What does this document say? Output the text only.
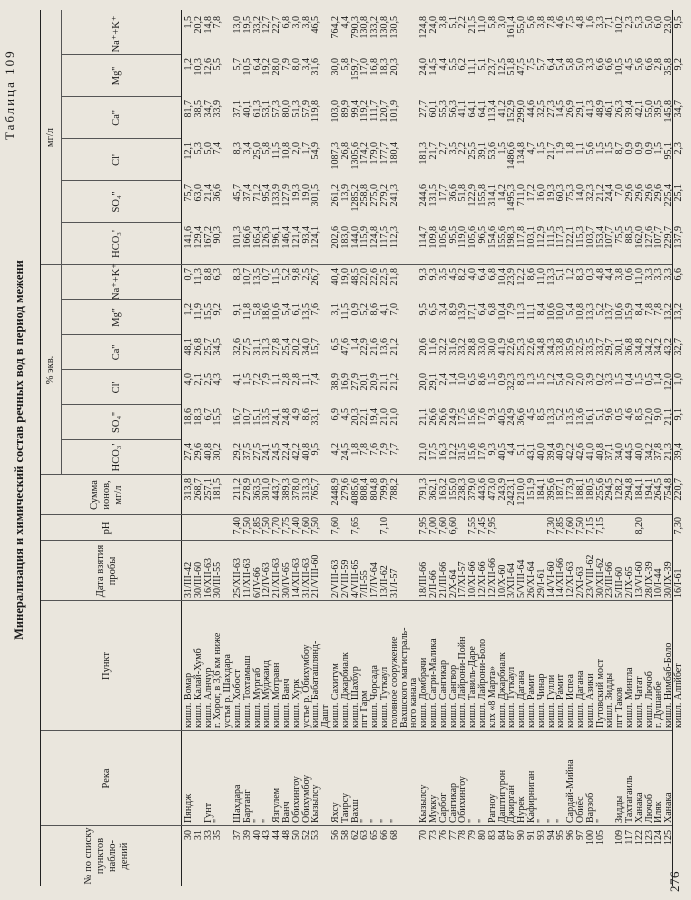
276
Таблица 109
Минерализация и химический состав речных вод в период межени
№ по списку пунктов наблю- дений
Река
Пункт
Дата взятия пробы
pH
Сумма ионов, мг/л
% экв.
мг/л
HCO₃'
SO₄''
Cl'
Ca''
Mg''
Na⁺+K⁺
HCO₃'
SO₄''
Cl'
Ca''
Mg''
Na⁺+K⁺
30
Пяндж
кишл. Вомар
31/III-42
313,8
27,4
18,6
4,0
48,1
1,2
0,7
141,6
75,7
12,1
81,7
1,2
1,5
31
кишл. Калай-Хумб
30/III-60
268,7
29,6
18,3
2,1
26,8
11,9
11,3
129,4
63,0
5,3
38,5
10,3
20,2
33
Гунт
кишл. Алнчур
16/XII-63
257,1
40,8
6,7
2,5
25,7
15,5
8,8
167,2
21,4
5,0
34,7
12,6
14,8
35
"
г. Хорог, в 3,6 км ниже
30/III-55
181,5
30,2
15,5
4,3
34,5
9,2
6,3
90,3
36,6
7,4
33,9
5,5
7,8
устья р. Шахдара
37
Шахдара
кишл. Хобост
25/XII-63
7,40
211,2
29,2
16,7
4,1
32,6
9,1
8,3
101,3
45,7
8,3
37,1
5,7
13,0
39
Бартанг
кишл. Тохтамыш
11/XII-63
7,50
278,9
37,5
10,7
1,5
27,5
11,8
10,7
166,6
37,4
3,4
40,1
10,5
19,5
40
"
кишл. Мургаб
6/IV-66
7,85
363,5
27,5
15,1
7,2
31,1
5,8
13,5
165,4
71,2
25,0
61,3
6,4
33,2
43
"
кишл. Муджаид
12/IV-63
7,50
301,0
24,1
13,5
7,9
31,3
18,6
0,7
126,3
95,4
5,8
53,1
19,2
12,7
44
Язгулем
кишл. Мотравн
21/XII-63
7,70
443,7
24,5
24,1
1,1
27,8
10,6
11,5
196,1
133,9
11,5
57,3
28,0
22,7
48
Ванч
кишл. Ванч
30/IV-65
7,75
389,3
22,4
24,8
2,8
25,4
5,4
5,2
146,4
127,9
10,8
80,0
7,9
6,8
50
Обихингоу
кишл. Хурк
14/XII-63
7,40
378,0
42,2
4,9
2,8
20,2
6,1
9,8
121,4
19,3
2,0
51,3
8,0
3,0
52
Обихумбоу
устье р. Обихумбоу
31/XII-63
7,60
313,3
40,8
8,6
1,1
34,0
13,5
2,5
93,4
19,0
1,7
57,9
3,4
3,8
53
Кызылсу
кишл. Бабаташлянд-
21/VIII-60
7,50
765,7
9,5
33,1
7,4
15,7
7,6
26,7
124,1
301,5
54,9
119,8
31,6
46,5
Дашт
56
Яхсу
кишл. Сахитум
2/VIII-63
7,60
2448,9
4,2
6,9
38,9
6,5
3,1
40,4
202,6
261,2
1087,3
103,0
30,0
764,2
58
Таирсу
кишл. Джарбиалк
2/VIII-59
279,6
24,5
4,5
16,9
47,6
11,5
19,0
183,0
13,9
26,8
89,9
5,8
4,4
62
Вахш
кишл. Шахбур
4/VIII-65
7,65
4085,6
1,8
20,3
27,9
1,4
0,9
48,5
144,0
1285,2
1305,6
99,4
159,7
790,3
63
"
пгт Гарм
7/II-55
808,4
7,8
22,1
20,1
22,9
5,2
22,0
115,9
258,8
174,2
119,2
17,0
130,8
65
"
кишл. Чорсада
17/IV-64
804,8
7,6
19,4
20,9
21,6
8,6
22,6
124,8
275,0
179,0
111,7
16,8
133,2
66
"
кишл. Туткаул
13/II-62
7,10
799,9
7,9
21,0
21,1
13,6
4,1
22,5
117,5
279,2
177,7
120,7
18,3
130,8
68
"
головное сооружение
31/I-57
788,2
7,7
21,0
21,2
21,2
7,0
21,8
112,3
241,3
180,4
101,9
20,3
130,5
Вахшского магистраль-
ного канала
70
Кызылсу
кишл. Домбрачи
18/III-66
7,95
791,3
21,0
21,1
20,0
20,6
9,5
9,3
114,7
244,6
181,3
27,7
24,0
124,8
73
Мукку
кишл. Сагри-Малика
2/II-66
7,00
362,1
17,5
26,6
29,1
11,6
6,5
9,3
109,8
131,5
21,7
60,1
14,5
24,0
76
Сарбог
кишл. Сангикар
21/III-66
7,60
163,2
16,3
26,6
2,4
32,2
3,4
3,5
105,6
17,7
2,7
55,3
4,4
3,8
77
Сангикар
кишл. Сангвор
2/X-64
6,60
155,0
12,2
24,9
1,4
31,6
8,9
4,5
95,5
36,6
3,5
56,3
5,5
5,1
78
Обихингоу
кишл. Лайрони-Пойн
17/XI-57
238,3
31,5
17,5
1,0
33,2
13,9
8,2
119,0
51,8
2,2
41,1
6,2
2,2
79
"
кишл. Тавиль-Даре
10/XI-66
7,55
379,0
15,6
15,6
6,5
28,8
17,1
4,0
105,6
122,9
25,5
64,1
11,1
21,5
80
"
кишл. Лайрони-Боло
12/XI-66
7,45
443,6
17,6
17,6
8,6
33,0
6,4
6,4
96,5
155,8
39,1
64,1
5,1
11,0
83
Рагноу
клх «8 Марта»
12/XII-66
7,95
473,0
9,3
9,3
1,5
30,0
6,8
6,8
154,6
314,1
53,6
113,4
23,7
5,8
84
Даштигурон
кишл. Джарбиалк
10/X-60
243,9
40,5
40,5
0,9
41,9
10,4
10,4
155,6
14,2
1,5
41,2
12,5
3,0
87
Джирган
кишл. Туткаул
3/XII-64
2423,1
4,4
24,9
32,3
22,6
7,9
23,9
198,3
1495,3
1486,6
152,9
51,8
161,4
90
Нурек
кишл. Дагана
5/VIII-64
1210,0
5,1
36,6
8,3
25,3
11,3
12,2
117,8
711,0
134,8
299,0
47,5
55,0
91
Кафирниган
кишл. Рамит
26/XI-64
151,9
43,1
4,5
1,3
22,6
11,1
8,6
103,1
17,2
4,7
44,6
7,5
5,6
93
"
кишл. Чинар
29/I-61
184,1
40,0
8,5
1,5
34,8
8,4
11,0
112,9
16,0
1,5
32,5
5,7
3,8
94
"
кишл. Гулли
14/VI-60
7,30
395,6
39,4
13,3
1,2
34,3
10,6
13,3
111,5
19,3
21,7
27,3
6,4
7,8
95
"
кишл. Рамит
14/XII-66
7,85
187,1
40,9
5,2
5,4
33,8
10,0
5,1
117,3
60,3
1,9
14,5
5,4
4,6
96
Сардай-Мийна
кишл. Испеа
12/XI-63
7,60
173,9
42,2
13,5
2,0
35,9
5,4
1,2
122,1
75,3
1,8
26,9
5,8
7,5
97
Обиёс
кишл. Дагана
2/XI-63
7,50
188,1
42,6
13,6
2,0
32,5
10,8
8,3
115,3
14,0
1,1
29,1
5,0
4,8
100
Варзоб
кишл. Азики
23/VIII-62
7,15
180,5
41,0
16,1
3,9
33,5
13,3
0,3
103,7
32,3
5,6
41,3
3,3
1,6
105
"
Путовский мост
30/XII-62
7,15
255,6
40,8
5,1
0,2
33,7
5,2
4,8
153,4
21,2
1,5
48,9
6,6
3,3
кишл. Зидды
23/III-66
294,5
37,1
9,6
3,3
29,7
13,7
4,4
107,7
24,4
1,5
46,1
6,6
7,1
109
Зидды
пгт Таков
5/III-60
128,2
34,0
0,5
1,5
30,1
10,6
3,8
75,5
7,0
8,7
26,3
10,5
10,2
117
Тахтагаиль
кишл. Мингла
2/IX-65
294,8
44,5
4,6
0,4
36,8
15,9
0,6
88,5
29,6
0,9
39,4
4,5
2,3
122
Ханака
кишл. Чатат
13/VI-60
8,20
184,1
40,0
8,5
1,5
34,8
8,4
11,0
162,0
29,6
0,9
42,1
5,6
5,3
123
Лючоб
кишл. Лючоб
28/IX-39
194,1
34,2
12,0
0,5
34,2
7,8
3,3
127,6
29,6
0,9
55,0
6,6
5,0
124
Иляк
г. Душанбе
10/I-44
264,5
37,8
9,0
1,4
34,2
7,8
3,3
107,7
29,6
1,5
39,5
2,8
6,0
125
Ханака
кишл. Нимбаб-Боло
30/IX-39
754,8
21,3
21,1
12,0
43,2
13,2
3,3
229,7
225,4
95,1
145,8
35,8
23,0
кишл. Алпйбет
16/I-61
7,30
220,7
39,4
9,1
1,0
32,7
13,2
6,6
137,9
25,1
2,3
34,7
9,2
9,5
